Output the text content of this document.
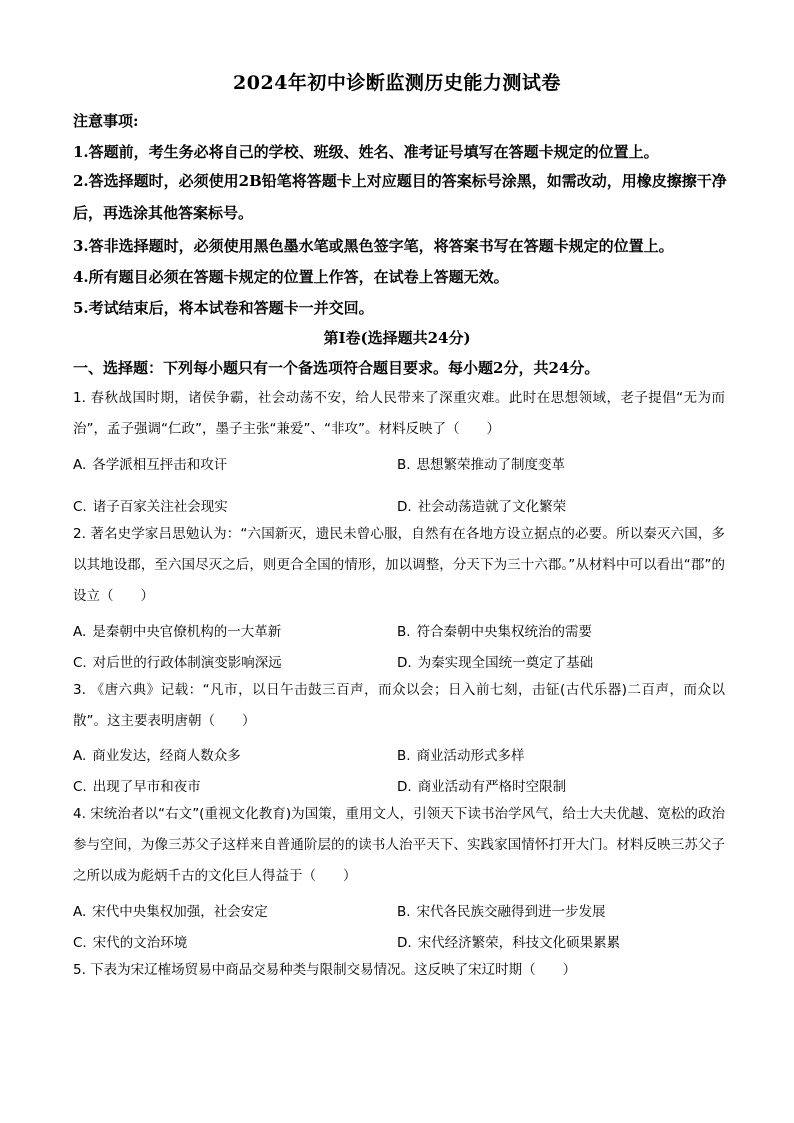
2024年初中诊断监测历史能力测试卷
注意事项:
1.答题前，考生务必将自己的学校、班级、姓名、准考证号填写在答题卡规定的位置上。
2.答选择题时，必须使用2B铅笔将答题卡上对应题目的答案标号涂黑，如需改动，用橡皮擦擦干净后，再选涂其他答案标号。
3.答非选择题时，必须使用黑色墨水笔或黑色签字笔，将答案书写在答题卡规定的位置上。
4.所有题目必须在答题卡规定的位置上作答，在试卷上答题无效。
5.考试结束后，将本试卷和答题卡一并交回。
第Ⅰ卷(选择题共24分)
一、选择题：下列每小题只有一个备选项符合题目要求。每小题2分，共24分。
1. 春秋战国时期，诸侯争霸，社会动荡不安，给人民带来了深重灾难。此时在思想领域，老子提倡“无为而治”，孟子强调“仁政”，墨子主张“兼爱”、“非攻”。材料反映了（　　）
A. 各学派相互抨击和攻讦	B. 思想繁荣推动了制度变革
C. 诸子百家关注社会现实	D. 社会动荡造就了文化繁荣
2. 著名史学家吕思勉认为：“六国新灭，遗民未曾心服，自然有在各地方设立据点的必要。所以秦灭六国，多以其地设郡，至六国尽灭之后，则更合全国的情形，加以调整，分天下为三十六郡。”从材料中可以看出“郡”的设立（　　）
A. 是秦朝中央官僚机构的一大革新	B. 符合秦朝中央集权统治的需要
C. 对后世的行政体制演变影响深远	D. 为秦实现全国统一奠定了基础
3. 《唐六典》记载：“凡市，以日午击鼓三百声，而众以会；日入前七刻，击钲(古代乐器)二百声，而众以散”。这主要表明唐朝（　　）
A. 商业发达，经商人数众多	B. 商业活动形式多样
C. 出现了早市和夜市	D. 商业活动有严格时空限制
4. 宋统治者以“右文”(重视文化教育)为国策，重用文人，引领天下读书治学风气，给士大夫优越、宽松的政治参与空间，为像三苏父子这样来自普通阶层的的读书人治平天下、实践家国情怀打开大门。材料反映三苏父子之所以成为彪炳千古的文化巨人得益于（　　）
A. 宋代中央集权加强，社会安定	B. 宋代各民族交融得到进一步发展
C. 宋代的文治环境	D. 宋代经济繁荣，科技文化硕果累累
5. 下表为宋辽榷场贸易中商品交易种类与限制交易情况。这反映了宋辽时期（　　）
